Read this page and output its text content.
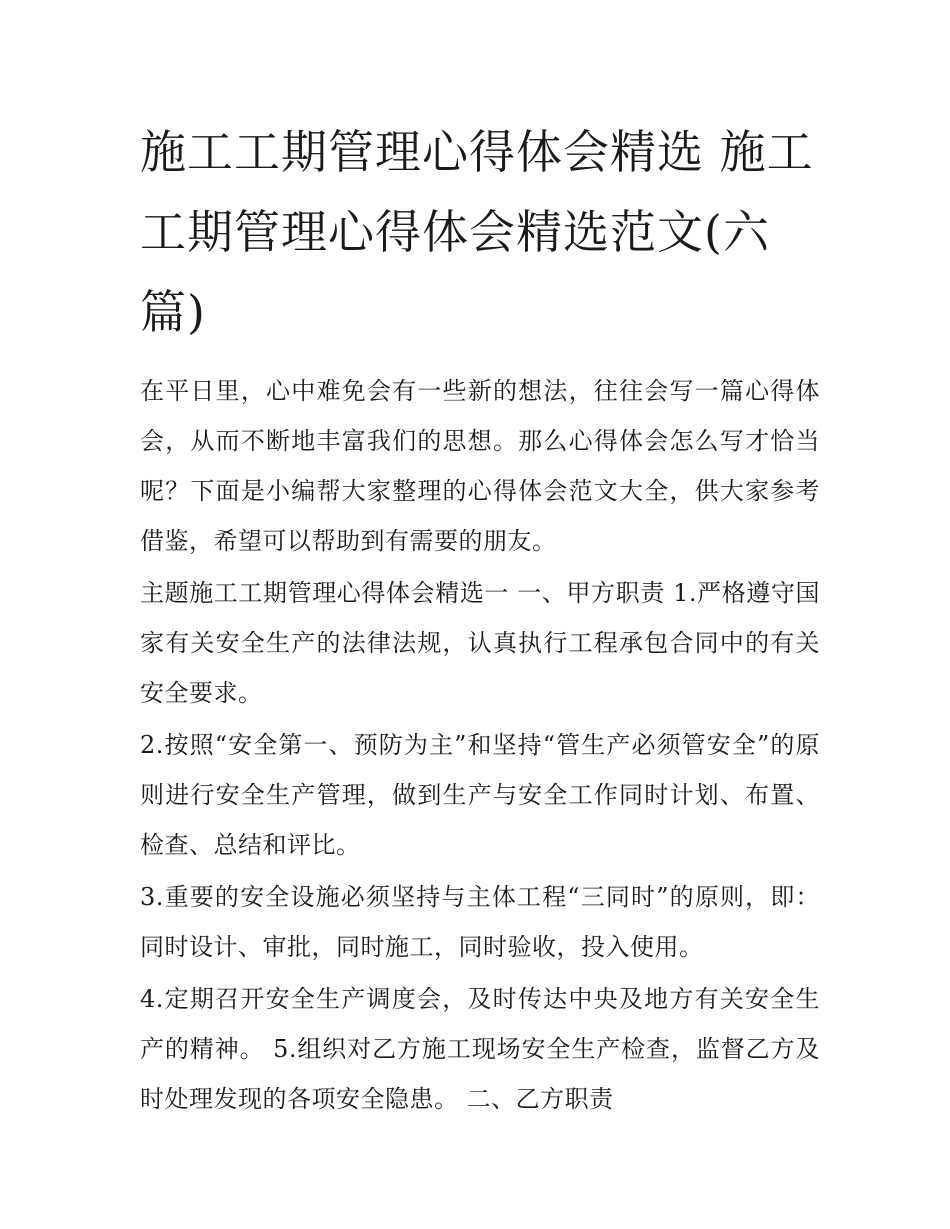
施工工期管理心得体会精选 施工工期管理心得体会精选范文(六篇)

在平日里，心中难免会有一些新的想法，往往会写一篇心得体会，从而不断地丰富我们的思想。那么心得体会怎么写才恰当呢？下面是小编帮大家整理的心得体会范文大全，供大家参考借鉴，希望可以帮助到有需要的朋友。

主题施工工期管理心得体会精选一 一、甲方职责 1.严格遵守国家有关安全生产的法律法规，认真执行工程承包合同中的有关安全要求。

2.按照“安全第一、预防为主”和坚持“管生产必须管安全”的原则进行安全生产管理，做到生产与安全工作同时计划、布置、检查、总结和评比。

3.重要的安全设施必须坚持与主体工程“三同时”的原则，即：同时设计、审批，同时施工，同时验收，投入使用。

4.定期召开安全生产调度会，及时传达中央及地方有关安全生产的精神。 5.组织对乙方施工现场安全生产检查，监督乙方及时处理发现的各项安全隐患。 二、乙方职责
